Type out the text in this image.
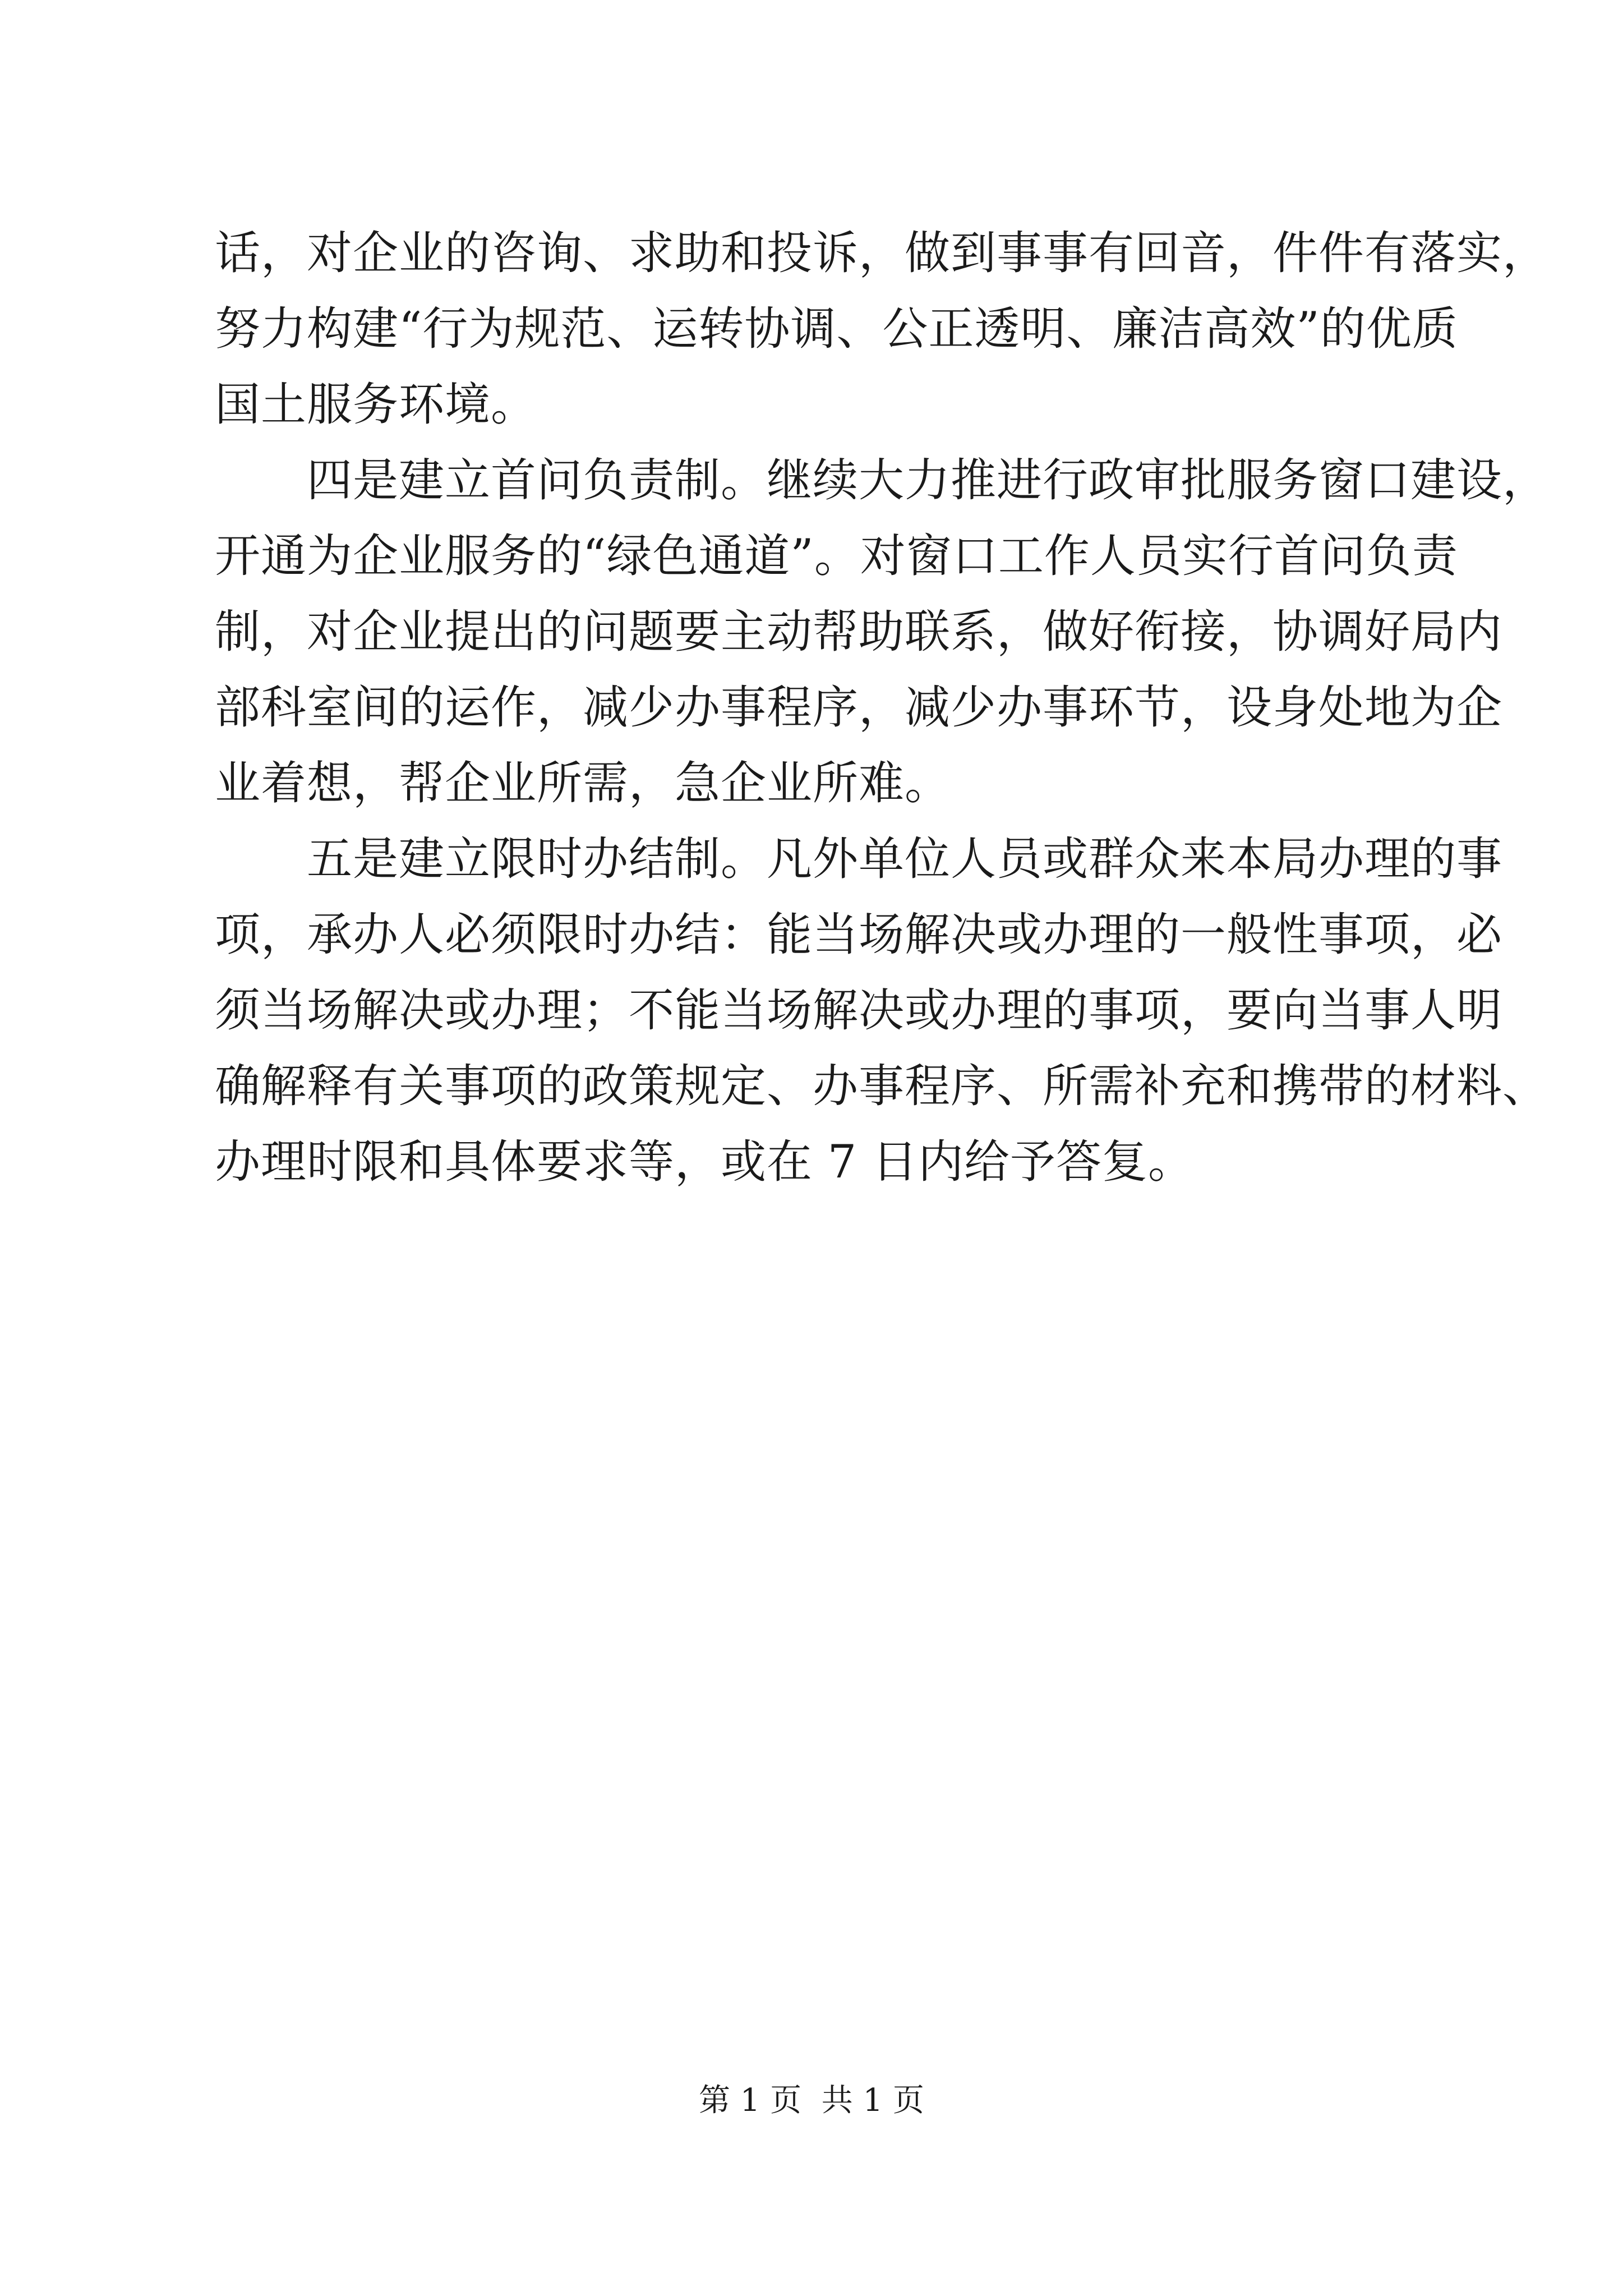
话，对企业的咨询、求助和投诉，做到事事有回音，件件有落实，
努力构建“行为规范、运转协调、公正透明、廉洁高效”的优质
国土服务环境。
四是建立首问负责制。继续大力推进行政审批服务窗口建设，
开通为企业服务的“绿色通道”。对窗口工作人员实行首问负责
制，对企业提出的问题要主动帮助联系，做好衔接，协调好局内
部科室间的运作，减少办事程序，减少办事环节，设身处地为企
业着想，帮企业所需，急企业所难。
五是建立限时办结制。凡外单位人员或群众来本局办理的事
项，承办人必须限时办结：能当场解决或办理的一般性事项，必
须当场解决或办理；不能当场解决或办理的事项，要向当事人明
确解释有关事项的政策规定、办事程序、所需补充和携带的材料、
办理时限和具体要求等，或在 7 日内给予答复。
第 1 页  共 1 页
